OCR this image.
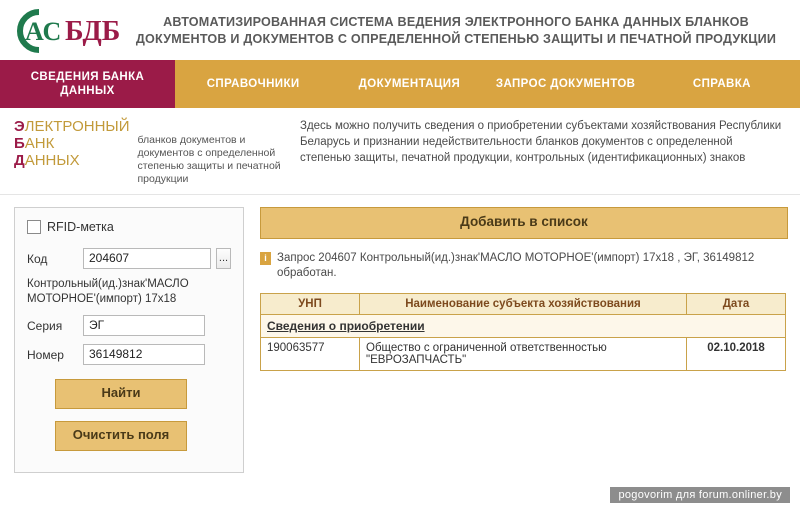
АС БДБ	АВТОМАТИЗИРОВАННАЯ СИСТЕМА ВЕДЕНИЯ ЭЛЕКТРОННОГО БАНКА ДАННЫХ БЛАНКОВ ДОКУМЕНТОВ И ДОКУМЕНТОВ С ОПРЕДЕЛЕННОЙ СТЕПЕНЬЮ ЗАЩИТЫ И ПЕЧАТНОЙ ПРОДУКЦИИ
СВЕДЕНИЯ БАНКА ДАННЫХ
СПРАВОЧНИКИ	ДОКУМЕНТАЦИЯ	ЗАПРОС ДОКУМЕНТОВ	СПРАВКА
ЭЛЕКТРОННЫЙ
БАНК
ДАННЫХ
бланков документов и документов с определенной степенью защиты и печатной продукции
Здесь можно получить сведения о приобретении субъектами хозяйствования Республики Беларусь и признании недействительности бланков документов с определенной степенью защиты, печатной продукции, контрольных (идентификационных) знаков
RFID-метка
Код
204607	...
Контрольный(ид.)знак'МАСЛО МОТОРНОЕ'(импорт) 17х18
Серия
ЭГ
Номер
36149812
Найти
Очистить поля
Добавить в список
i Запрос 204607 Контрольный(ид.)знак'МАСЛО МОТОРНОЕ'(импорт) 17х18 , ЭГ, 36149812 обработан.
УНП	Наименование субъекта хозяйствования	Дата
Сведения о приобретении		
190063577	Общество с ограниченной ответственностью "ЕВРОЗАПЧАСТЬ"	02.10.2018
pogovorim для forum.onliner.by
